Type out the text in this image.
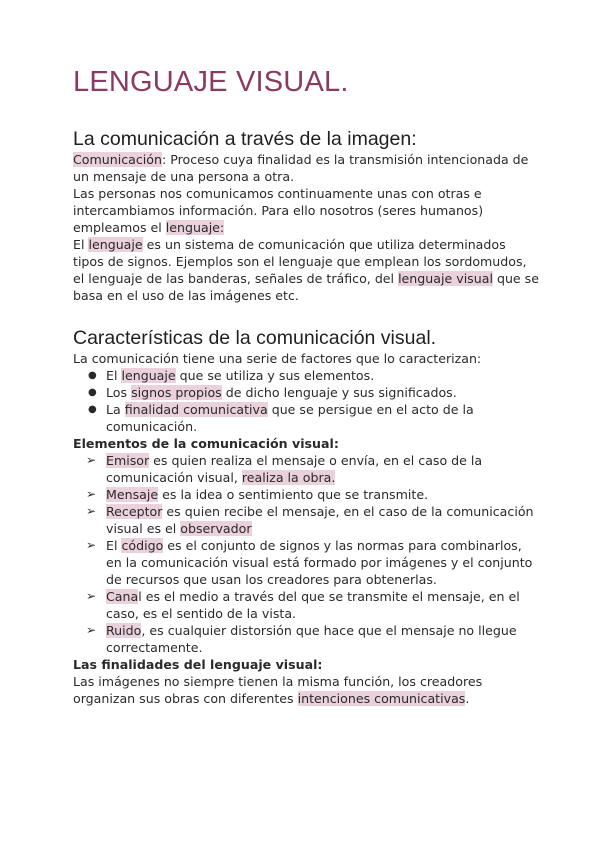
LENGUAJE VISUAL.
La comunicación a través de la imagen:

Comunicación: Proceso cuya finalidad es la transmisión intencionada de un mensaje de una persona a otra.

Las personas nos comunicamos continuamente unas con otras e intercambiamos información. Para ello nosotros (seres humanos) empleamos el lenguaje:

El lenguaje es un sistema de comunicación que utiliza determinados tipos de signos. Ejemplos son el lenguaje que emplean los sordomudos, el lenguaje de las banderas, señales de tráfico, del lenguaje visual que se basa en el uso de las imágenes etc.

Características de la comunicación visual.

La comunicación tiene una serie de factores que lo caracterizan:

● El lenguaje que se utiliza y sus elementos.
● Los signos propios de dicho lenguaje y sus significados.
● La finalidad comunicativa que se persigue en el acto de la comunicación.

Elementos de la comunicación visual:

➢ Emisor es quien realiza el mensaje o envía, en el caso de la comunicación visual, realiza la obra.
➢ Mensaje es la idea o sentimiento que se transmite.
➢ Receptor es quien recibe el mensaje, en el caso de la comunicación visual es el observador
➢ El código es el conjunto de signos y las normas para combinarlos, en la comunicación visual está formado por imágenes y el conjunto de recursos que usan los creadores para obtenerlas.
➢ Canal es el medio a través del que se transmite el mensaje, en el caso, es el sentido de la vista.
➢ Ruido, es cualquier distorsión que hace que el mensaje no llegue correctamente.

Las finalidades del lenguaje visual:

Las imágenes no siempre tienen la misma función, los creadores organizan sus obras con diferentes intenciones comunicativas.
